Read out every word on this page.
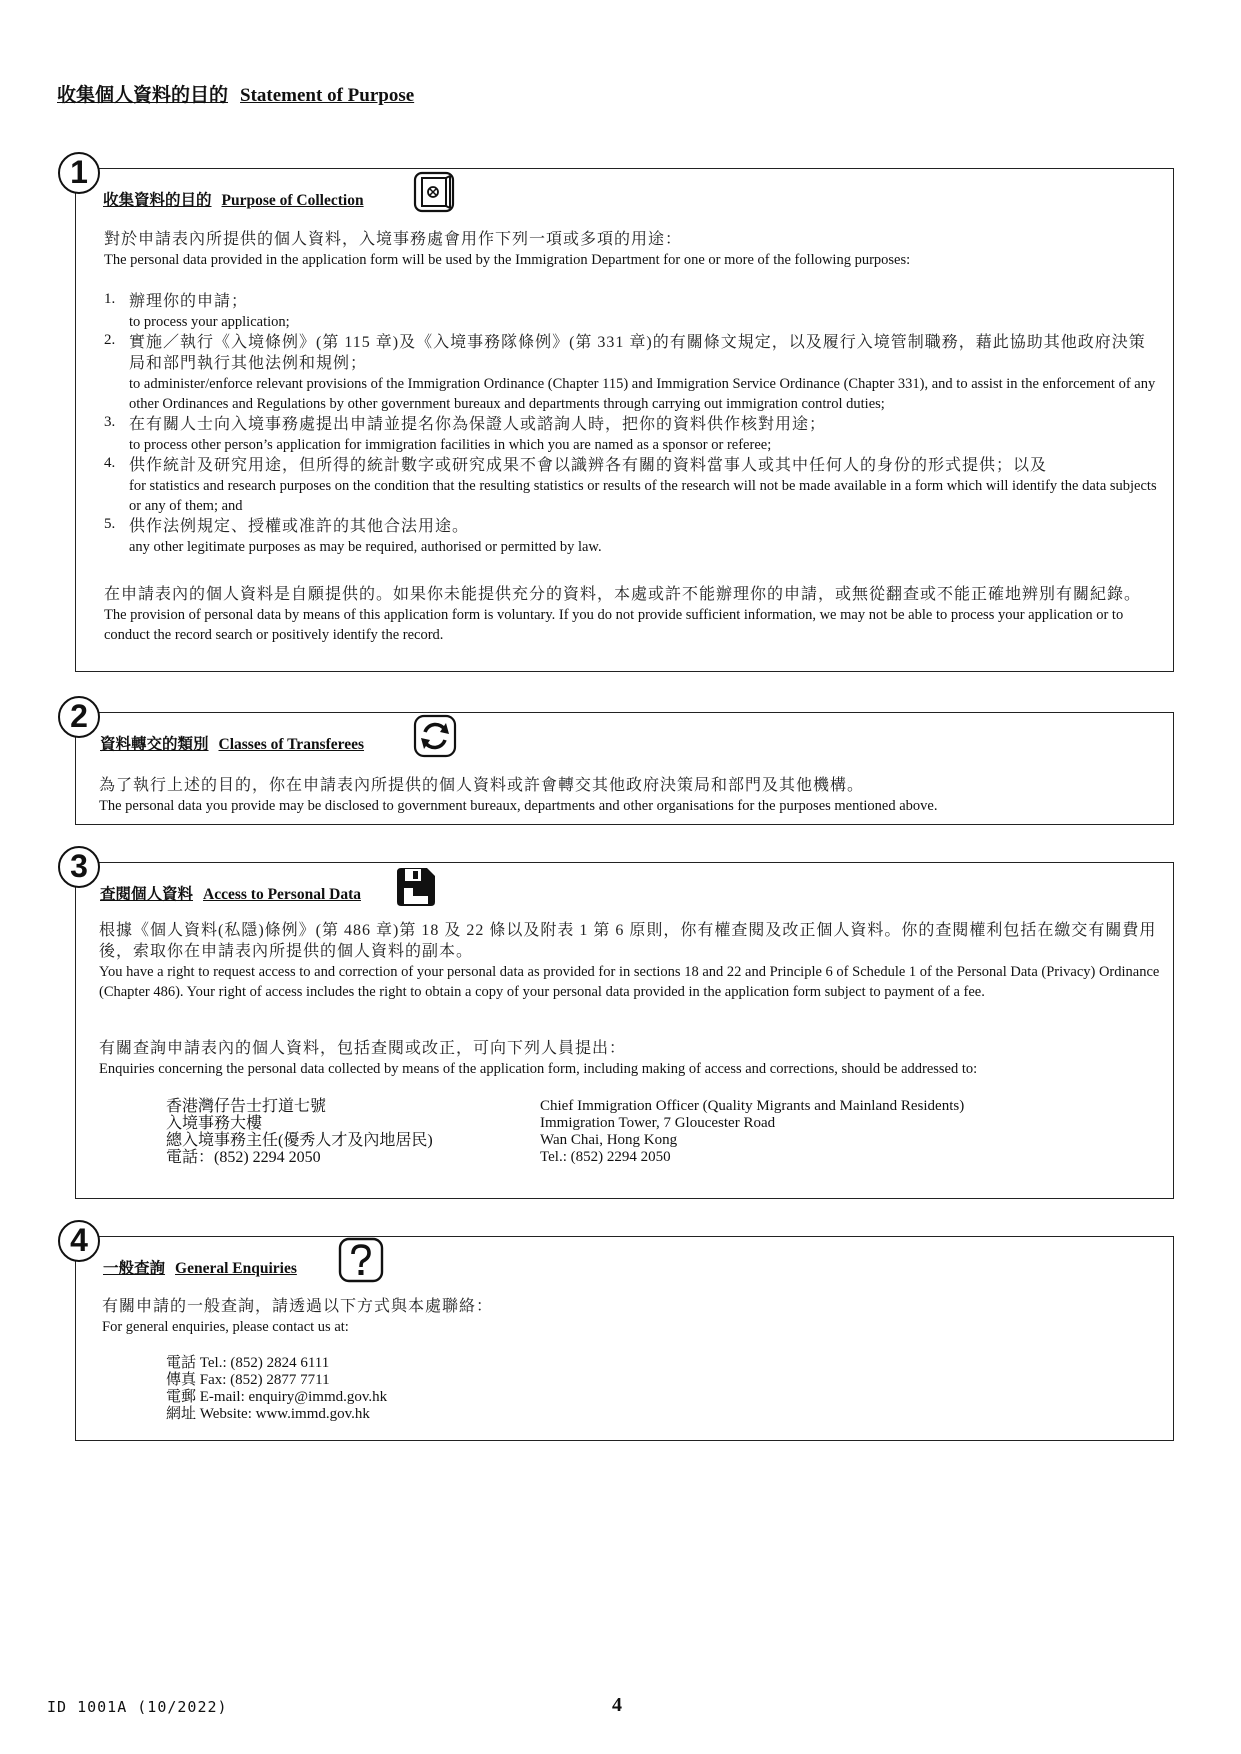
收集個人資料的目的 Statement of Purpose
1
收集資料的目的 Purpose of Collection
對於申請表內所提供的個人資料，入境事務處會用作下列一項或多項的用途：
The personal data provided in the application form will be used by the Immigration Department for one or more of the following purposes:
1. 辦理你的申請；
to process your application;
2. 實施／執行《入境條例》(第 115 章)及《入境事務隊條例》(第 331 章)的有關條文規定，以及履行入境管制職務，藉此協助其他政府決策局和部門執行其他法例和規例；
to administer/enforce relevant provisions of the Immigration Ordinance (Chapter 115) and Immigration Service Ordinance (Chapter 331), and to assist in the enforcement of any other Ordinances and Regulations by other government bureaux and departments through carrying out immigration control duties;
3. 在有關人士向入境事務處提出申請並提名你為保證人或諮詢人時，把你的資料供作核對用途；
to process other person’s application for immigration facilities in which you are named as a sponsor or referee;
4. 供作統計及研究用途，但所得的統計數字或研究成果不會以識辨各有關的資料當事人或其中任何人的身份的形式提供；以及
for statistics and research purposes on the condition that the resulting statistics or results of the research will not be made available in a form which will identify the data subjects or any of them; and
5. 供作法例規定、授權或准許的其他合法用途。
any other legitimate purposes as may be required, authorised or permitted by law.
在申請表內的個人資料是自願提供的。如果你未能提供充分的資料，本處或許不能辦理你的申請，或無從翻查或不能正確地辨別有關紀錄。
The provision of personal data by means of this application form is voluntary. If you do not provide sufficient information, we may not be able to process your application or to conduct the record search or positively identify the record.
2
資料轉交的類別 Classes of Transferees
為了執行上述的目的，你在申請表內所提供的個人資料或許會轉交其他政府決策局和部門及其他機構。
The personal data you provide may be disclosed to government bureaux, departments and other organisations for the purposes mentioned above.
3
查閱個人資料 Access to Personal Data
根據《個人資料(私隱)條例》(第 486 章)第 18 及 22 條以及附表 1 第 6 原則，你有權查閱及改正個人資料。你的查閱權利包括在繳交有關費用後，索取你在申請表內所提供的個人資料的副本。
You have a right to request access to and correction of your personal data as provided for in sections 18 and 22 and Principle 6 of Schedule 1 of the Personal Data (Privacy) Ordinance (Chapter 486). Your right of access includes the right to obtain a copy of your personal data provided in the application form subject to payment of a fee.
有關查詢申請表內的個人資料，包括查閱或改正，可向下列人員提出：
Enquiries concerning the personal data collected by means of the application form, including making of access and corrections, should be addressed to:
香港灣仔告士打道七號
入境事務大樓
總入境事務主任(優秀人才及內地居民)
電話：(852) 2294 2050
Chief Immigration Officer (Quality Migrants and Mainland Residents)
Immigration Tower, 7 Gloucester Road
Wan Chai, Hong Kong
Tel.: (852) 2294 2050
4
一般查詢 General Enquiries
有關申請的一般查詢，請透過以下方式與本處聯絡：
For general enquiries, please contact us at:
電話 Tel.: (852) 2824 6111
傳真 Fax: (852) 2877 7711
電郵 E-mail: enquiry@immd.gov.hk
網址 Website: www.immd.gov.hk
ID 1001A (10/2022)	4
